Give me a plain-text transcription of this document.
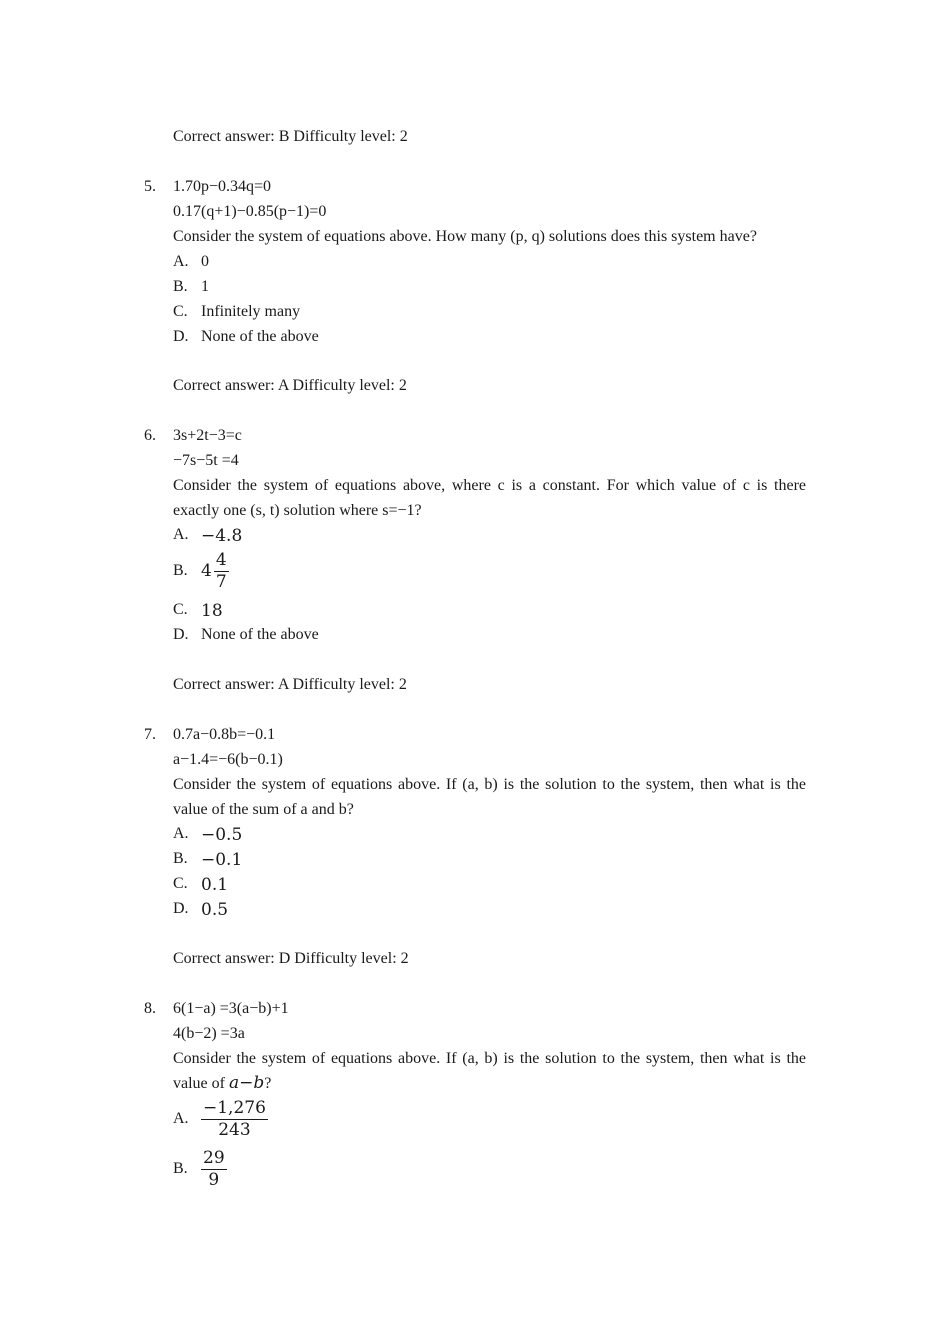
Correct answer: B Difficulty level: 2
5. 1.70p−0.34q=0
0.17(q+1)−0.85(p−1)=0
Consider the system of equations above. How many (p, q) solutions does this system have?
A. 0
B. 1
C. Infinitely many
D. None of the above
Correct answer: A Difficulty level: 2
6. 3s+2t−3=c
−7s−5t =4
Consider the system of equations above, where c is a constant. For which value of c is there
exactly one (s, t) solution where s=−1?
A. −4.8
B. $4 \frac{4}{7}$
C. 18
D. None of the above
Correct answer: A Difficulty level: 2
7. 0.7a−0.8b=−0.1
a−1.4=−6(b−0.1)
Consider the system of equations above. If (a, b) is the solution to the system, then what is the
value of the sum of a and b?
A. −0.5
B. −0.1
C. 0.1
D. 0.5
Correct answer: D Difficulty level: 2
8. 6(1−a) =3(a−b)+1
4(b−2) =3a
Consider the system of equations above. If (a, b) is the solution to the system, then what is the
value of a−b?
A. $\frac{-1,276}{243}$
B. $\frac{29}{9}$
